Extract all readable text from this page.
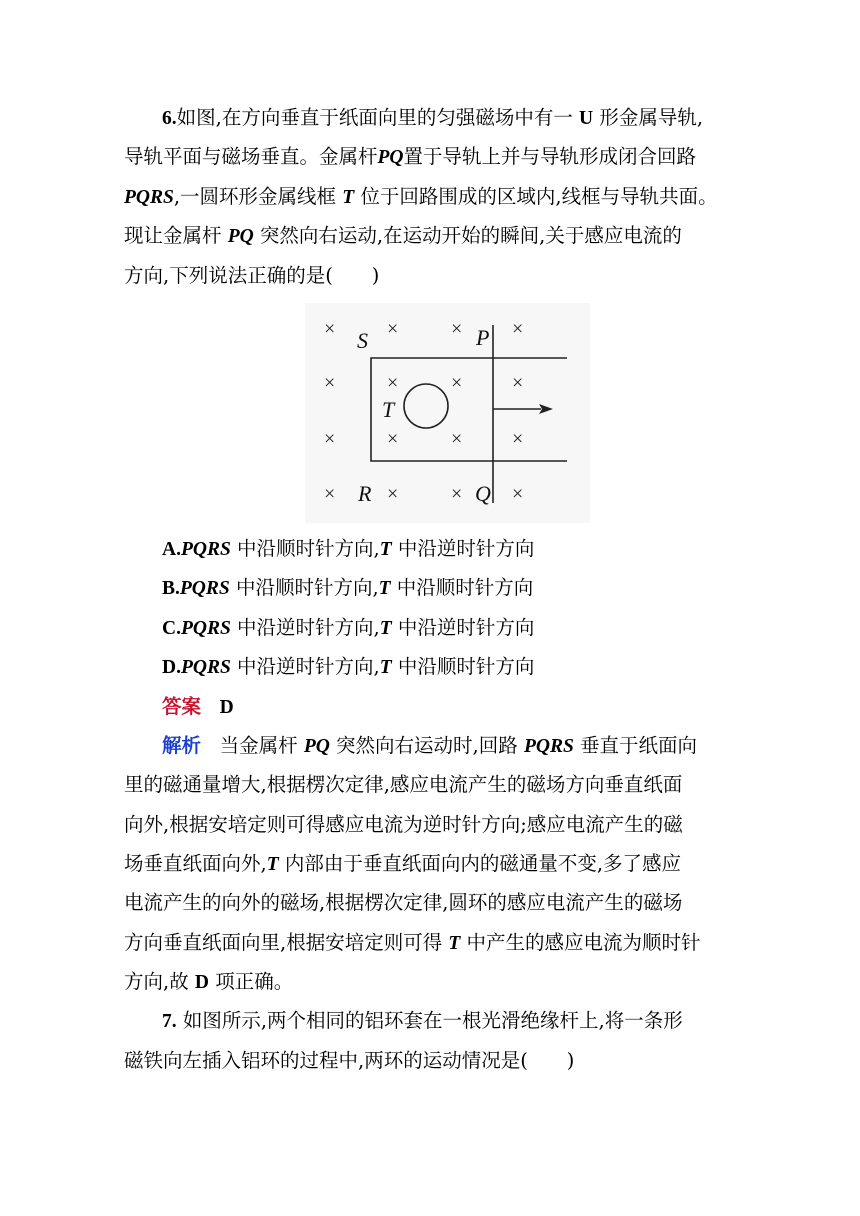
6.如图,在方向垂直于纸面向里的匀强磁场中有一 U 形金属导轨,
导轨平面与磁场垂直。金属杆PQ置于导轨上并与导轨形成闭合回路
PQRS,一圆环形金属线框 T 位于回路围成的区域内,线框与导轨共面。
现让金属杆 PQ 突然向右运动,在运动开始的瞬间,关于感应电流的
方向,下列说法正确的是(　　)
×	×	× ×
×	×	× ×
×	×	× ×
×	×	× ×
S	P
T
R	Q
A.PQRS 中沿顺时针方向,T 中沿逆时针方向
B.PQRS 中沿顺时针方向,T 中沿顺时针方向
C.PQRS 中沿逆时针方向,T 中沿逆时针方向
D.PQRS 中沿逆时针方向,T 中沿顺时针方向
答案 D
解析 当金属杆 PQ 突然向右运动时,回路 PQRS 垂直于纸面向
里的磁通量增大,根据楞次定律,感应电流产生的磁场方向垂直纸面
向外,根据安培定则可得感应电流为逆时针方向;感应电流产生的磁
场垂直纸面向外,T 内部由于垂直纸面向内的磁通量不变,多了感应
电流产生的向外的磁场,根据楞次定律,圆环的感应电流产生的磁场
方向垂直纸面向里,根据安培定则可得 T 中产生的感应电流为顺时针
方向,故 D 项正确。
7. 如图所示,两个相同的铝环套在一根光滑绝缘杆上,将一条形
磁铁向左插入铝环的过程中,两环的运动情况是(　　)
